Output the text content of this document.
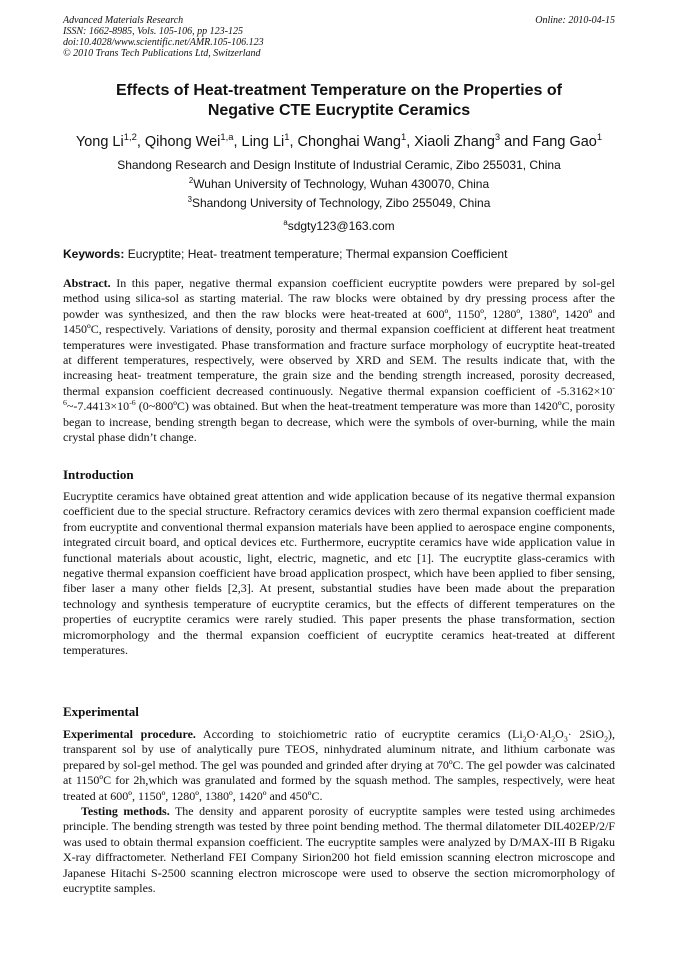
Advanced Materials Research
ISSN: 1662-8985, Vols. 105-106, pp 123-125
doi:10.4028/www.scientific.net/AMR.105-106.123
© 2010 Trans Tech Publications Ltd, Switzerland
Online: 2010-04-15
Effects of Heat-treatment Temperature on the Properties of
Negative CTE Eucryptite Ceramics
Yong Li$^{1,2}$, Qihong Wei$^{1,a}$, Ling Li$^1$, Chonghai Wang$^1$, Xiaoli Zhang$^3$ and Fang Gao$^1$
Shandong Research and Design Institute of Industrial Ceramic, Zibo 255031, China
$^2$Wuhan University of Technology, Wuhan 430070, China
$^3$Shandong University of Technology, Zibo 255049, China
$^a$sdgty123@163.com
Keywords: Eucryptite; Heat- treatment temperature; Thermal expansion Coefficient
Abstract. In this paper, negative thermal expansion coefficient eucryptite powders were prepared by sol-gel method using silica-sol as starting material. The raw blocks were obtained by dry pressing process after the powder was synthesized, and then the raw blocks were heat-treated at 600º, 1150º, 1280º, 1380º, 1420º and 1450ºC, respectively. Variations of density, porosity and thermal expansion coefficient at different heat treatment temperatures were investigated. Phase transformation and fracture surface morphology of eucryptite heat-treated at different temperatures, respectively, were observed by XRD and SEM. The results indicate that, with the increasing heat- treatment temperature, the grain size and the bending strength increased, porosity decreased, thermal expansion coefficient decreased continuously. Negative thermal expansion coefficient of $-5.3162\times 10^{-6}\sim-7.4413\times 10^{-6}$ (0~800ºC) was obtained. But when the heat-treatment temperature was more than 1420ºC, porosity began to increase, bending strength began to decrease, which were the symbols of over-burning, while the main crystal phase didn’t change.
Introduction
Eucryptite ceramics have obtained great attention and wide application because of its negative thermal expansion coefficient due to the special structure. Refractory ceramics devices with zero thermal expansion coefficient made from eucryptite and conventional thermal expansion materials have been applied to aerospace engine components, integrated circuit board, and optical devices etc. Furthermore, eucryptite ceramics have wide application value in functional materials about acoustic, light, electric, magnetic, and etc [1]. The eucryptite glass-ceramics with negative thermal expansion coefficient have broad application prospect, which have been applied to fiber sensing, fiber laser a many other fields [2,3]. At present, substantial studies have been made about the preparation technology and synthesis temperature of eucryptite ceramics, but the effects of different temperatures on the properties of eucryptite ceramics were rarely studied. This paper presents the phase transformation, section micromorphology and the thermal expansion coefficient of eucryptite ceramics heat-treated at different temperatures.
Experimental
Experimental procedure. According to stoichiometric ratio of eucryptite ceramics $(Li_2O\cdot Al_2O_3\cdot 2SiO_2)$, transparent sol by use of analytically pure TEOS, ninhydrated aluminum nitrate, and lithium carbonate was prepared by sol-gel method. The gel was pounded and grinded after drying at 70ºC. The gel powder was calcinated at 1150ºC for 2h,which was granulated and formed by the squash method. The samples, respectively, were heat treated at 600º, 1150º, 1280º, 1380º, 1420º and 450ºC.
Testing methods. The density and apparent porosity of eucryptite samples were tested using archimedes principle. The bending strength was tested by three point bending method. The thermal dilatometer DIL402EP/2/F was used to obtain thermal expansion coefficient. The eucryptite samples were analyzed by D/MAX-III B Rigaku X-ray diffractometer. Netherland FEI Company Sirion200 hot field emission scanning electron microscope and Japanese Hitachi S-2500 scanning electron microscope were used to observe the section micromorphology of eucryptite samples.
